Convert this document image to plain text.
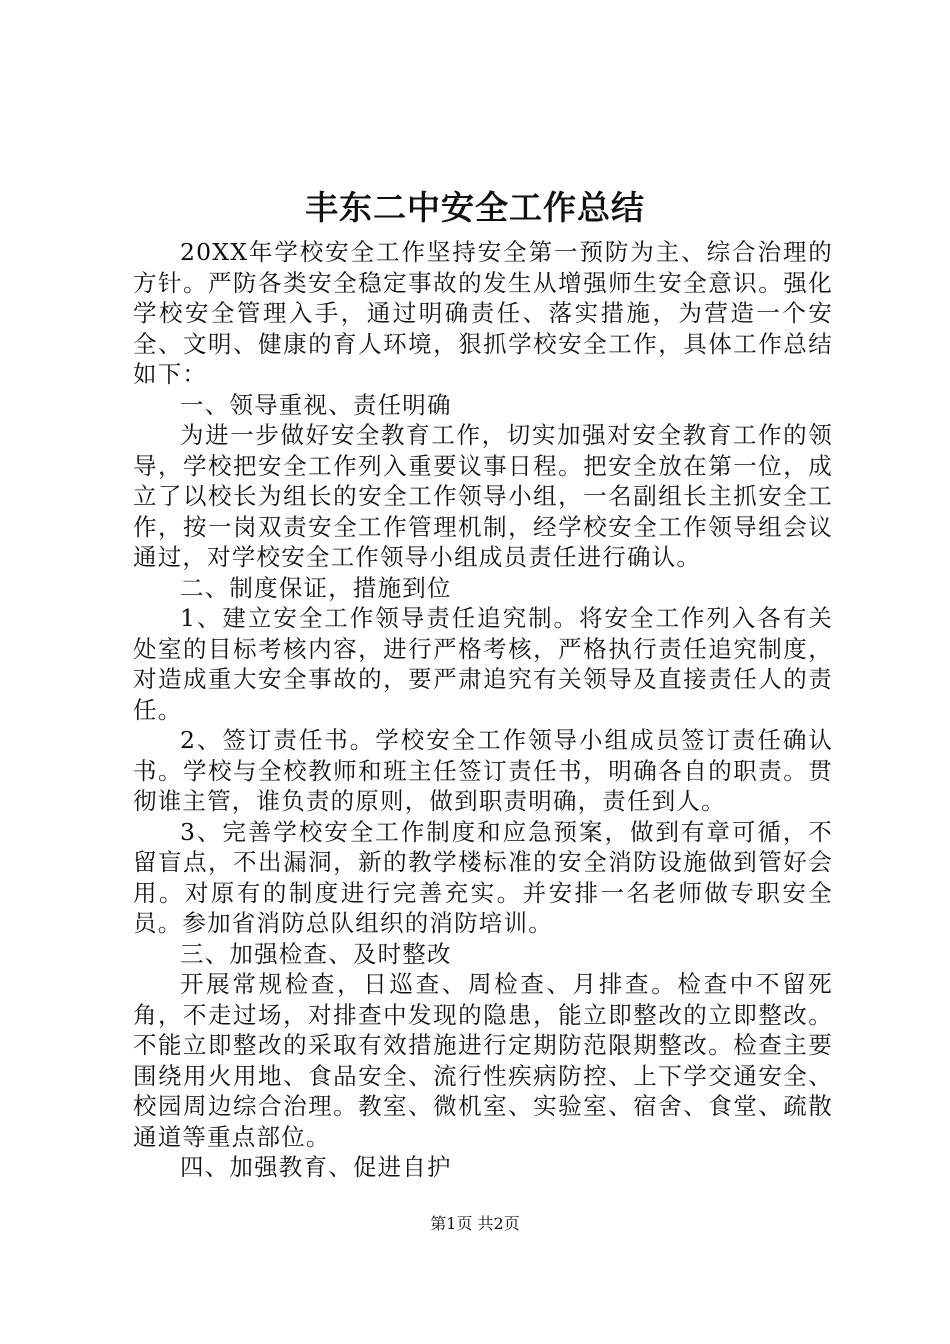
丰东二中安全工作总结

20XX年学校安全工作坚持安全第一预防为主、综合治理的方针。严防各类安全稳定事故的发生从增强师生安全意识。强化学校安全管理入手，通过明确责任、落实措施，为营造一个安全、文明、健康的育人环境，狠抓学校安全工作，具体工作总结如下：

一、领导重视、责任明确

为进一步做好安全教育工作，切实加强对安全教育工作的领导，学校把安全工作列入重要议事日程。把安全放在第一位，成立了以校长为组长的安全工作领导小组，一名副组长主抓安全工作，按一岗双责安全工作管理机制，经学校安全工作领导组会议通过，对学校安全工作领导小组成员责任进行确认。

二、制度保证，措施到位

1、建立安全工作领导责任追究制。将安全工作列入各有关处室的目标考核内容，进行严格考核，严格执行责任追究制度，对造成重大安全事故的，要严肃追究有关领导及直接责任人的责任。

2、签订责任书。学校安全工作领导小组成员签订责任确认书。学校与全校教师和班主任签订责任书，明确各自的职责。贯彻谁主管，谁负责的原则，做到职责明确，责任到人。

3、完善学校安全工作制度和应急预案，做到有章可循，不留盲点，不出漏洞，新的教学楼标准的安全消防设施做到管好会用。对原有的制度进行完善充实。并安排一名老师做专职安全员。参加省消防总队组织的消防培训。

三、加强检查、及时整改

开展常规检查，日巡查、周检查、月排查。检查中不留死角，不走过场，对排查中发现的隐患，能立即整改的立即整改。不能立即整改的采取有效措施进行定期防范限期整改。检查主要围绕用火用地、食品安全、流行性疾病防控、上下学交通安全、校园周边综合治理。教室、微机室、实验室、宿舍、食堂、疏散通道等重点部位。

四、加强教育、促进自护

第1页 共2页
